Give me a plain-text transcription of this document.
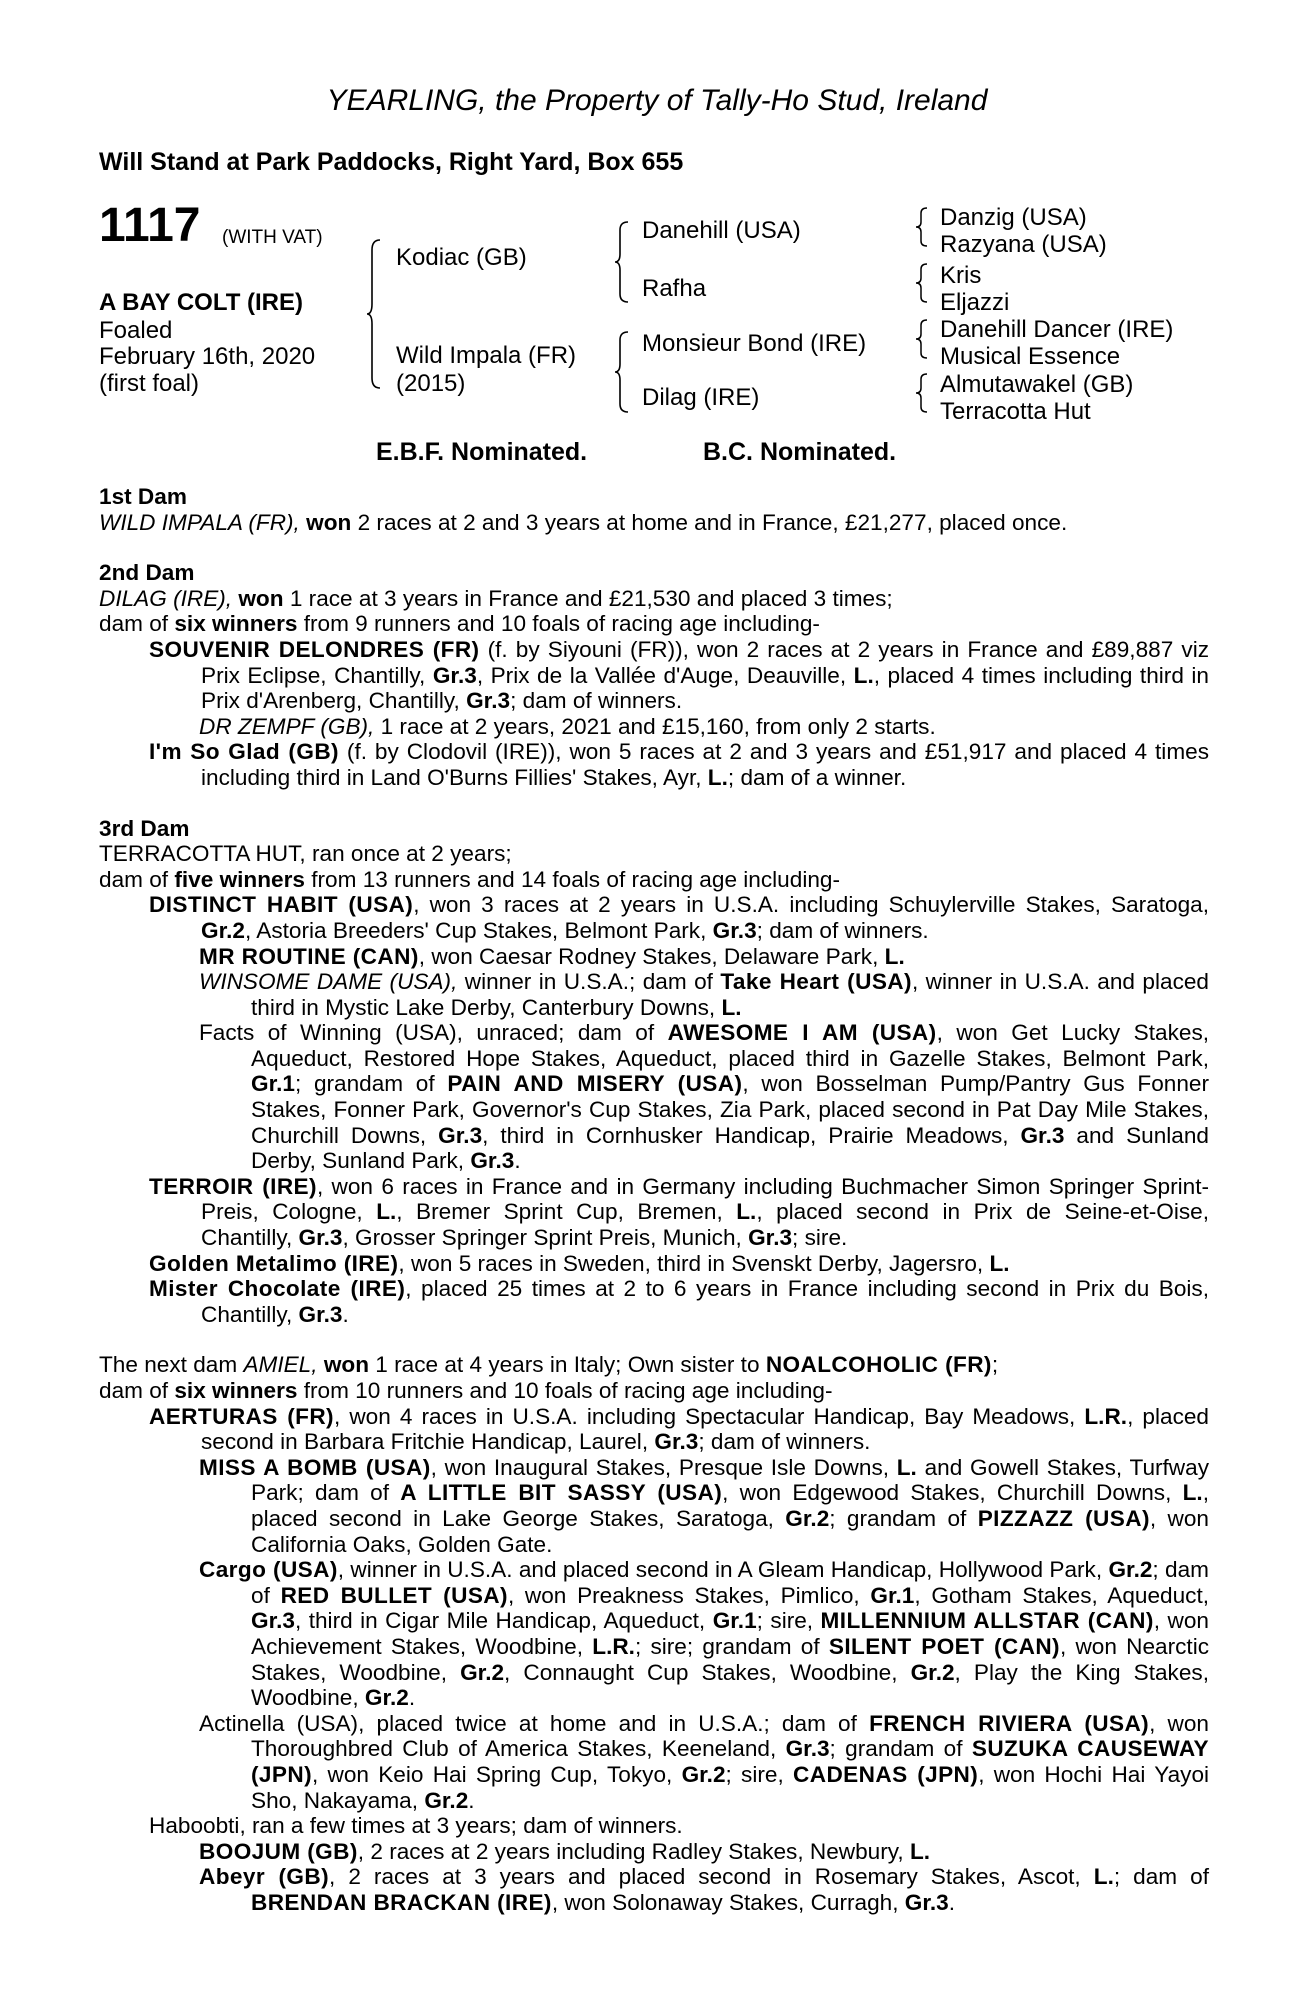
YEARLING, the Property of Tally-Ho Stud, Ireland
Will Stand at Park Paddocks, Right Yard, Box 655
1117 (WITH VAT)
A BAY COLT (IRE)
Foaled
February 16th, 2020
(first foal)
Kodiac (GB)
Wild Impala (FR)
(2015)
Danehill (USA)
Rafha
Monsieur Bond (IRE)
Dilag (IRE)
Danzig (USA)
Razyana (USA)
Kris
Eljazzi
Danehill Dancer (IRE)
Musical Essence
Almutawakel (GB)
Terracotta Hut
E.B.F. Nominated.	B.C. Nominated.
1st Dam
WILD IMPALA (FR), won 2 races at 2 and 3 years at home and in France, £21,277, placed once.
2nd Dam
DILAG (IRE), won 1 race at 3 years in France and £21,530 and placed 3 times;
dam of six winners from 9 runners and 10 foals of racing age including-
SOUVENIR DELONDRES (FR) (f. by Siyouni (FR)), won 2 races at 2 years in France and £89,887 viz Prix Eclipse, Chantilly, Gr.3, Prix de la Vallée d'Auge, Deauville, L., placed 4 times including third in Prix d'Arenberg, Chantilly, Gr.3; dam of winners.
DR ZEMPF (GB), 1 race at 2 years, 2021 and £15,160, from only 2 starts.
I'm So Glad (GB) (f. by Clodovil (IRE)), won 5 races at 2 and 3 years and £51,917 and placed 4 times including third in Land O'Burns Fillies' Stakes, Ayr, L.; dam of a winner.
3rd Dam
TERRACOTTA HUT, ran once at 2 years;
dam of five winners from 13 runners and 14 foals of racing age including-
DISTINCT HABIT (USA), won 3 races at 2 years in U.S.A. including Schuylerville Stakes, Saratoga, Gr.2, Astoria Breeders' Cup Stakes, Belmont Park, Gr.3; dam of winners.
MR ROUTINE (CAN), won Caesar Rodney Stakes, Delaware Park, L.
WINSOME DAME (USA), winner in U.S.A.; dam of Take Heart (USA), winner in U.S.A. and placed third in Mystic Lake Derby, Canterbury Downs, L.
Facts of Winning (USA), unraced; dam of AWESOME I AM (USA), won Get Lucky Stakes, Aqueduct, Restored Hope Stakes, Aqueduct, placed third in Gazelle Stakes, Belmont Park, Gr.1; grandam of PAIN AND MISERY (USA), won Bosselman Pump/Pantry Gus Fonner Stakes, Fonner Park, Governor's Cup Stakes, Zia Park, placed second in Pat Day Mile Stakes, Churchill Downs, Gr.3, third in Cornhusker Handicap, Prairie Meadows, Gr.3 and Sunland Derby, Sunland Park, Gr.3.
TERROIR (IRE), won 6 races in France and in Germany including Buchmacher Simon Springer Sprint-Preis, Cologne, L., Bremer Sprint Cup, Bremen, L., placed second in Prix de Seine-et-Oise, Chantilly, Gr.3, Grosser Springer Sprint Preis, Munich, Gr.3; sire.
Golden Metalimo (IRE), won 5 races in Sweden, third in Svenskt Derby, Jagersro, L.
Mister Chocolate (IRE), placed 25 times at 2 to 6 years in France including second in Prix du Bois, Chantilly, Gr.3.
The next dam AMIEL, won 1 race at 4 years in Italy; Own sister to NOALCOHOLIC (FR);
dam of six winners from 10 runners and 10 foals of racing age including-
AERTURAS (FR), won 4 races in U.S.A. including Spectacular Handicap, Bay Meadows, L.R., placed second in Barbara Fritchie Handicap, Laurel, Gr.3; dam of winners.
MISS A BOMB (USA), won Inaugural Stakes, Presque Isle Downs, L. and Gowell Stakes, Turfway Park; dam of A LITTLE BIT SASSY (USA), won Edgewood Stakes, Churchill Downs, L., placed second in Lake George Stakes, Saratoga, Gr.2; grandam of PIZZAZZ (USA), won California Oaks, Golden Gate.
Cargo (USA), winner in U.S.A. and placed second in A Gleam Handicap, Hollywood Park, Gr.2; dam of RED BULLET (USA), won Preakness Stakes, Pimlico, Gr.1, Gotham Stakes, Aqueduct, Gr.3, third in Cigar Mile Handicap, Aqueduct, Gr.1; sire, MILLENNIUM ALLSTAR (CAN), won Achievement Stakes, Woodbine, L.R.; sire; grandam of SILENT POET (CAN), won Nearctic Stakes, Woodbine, Gr.2, Connaught Cup Stakes, Woodbine, Gr.2, Play the King Stakes, Woodbine, Gr.2.
Actinella (USA), placed twice at home and in U.S.A.; dam of FRENCH RIVIERA (USA), won Thoroughbred Club of America Stakes, Keeneland, Gr.3; grandam of SUZUKA CAUSEWAY (JPN), won Keio Hai Spring Cup, Tokyo, Gr.2; sire, CADENAS (JPN), won Hochi Hai Yayoi Sho, Nakayama, Gr.2.
Haboobti, ran a few times at 3 years; dam of winners.
BOOJUM (GB), 2 races at 2 years including Radley Stakes, Newbury, L.
Abeyr (GB), 2 races at 3 years and placed second in Rosemary Stakes, Ascot, L.; dam of BRENDAN BRACKAN (IRE), won Solonaway Stakes, Curragh, Gr.3.
